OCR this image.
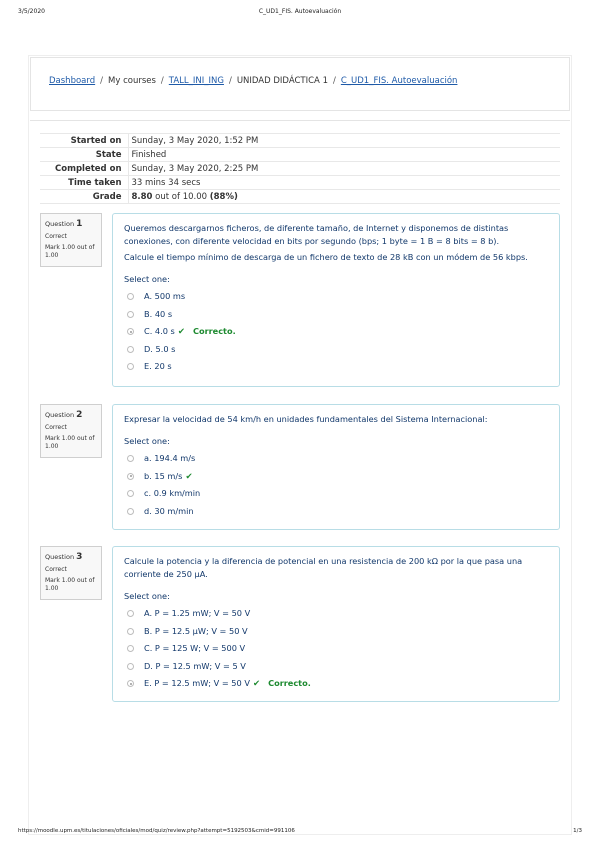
3/5/2020	C_UD1_FIS. Autoevaluación
Dashboard / My courses / TALL_INI_ING / UNIDAD DIDÁCTICA 1 / C_UD1_FIS. Autoevaluación
Started on	Sunday, 3 May 2020, 1:52 PM
State	Finished
Completed on	Sunday, 3 May 2020, 2:25 PM
Time taken	33 mins 34 secs
Grade	8.80 out of 10.00 (88%)
Question 1
Correct
Mark 1.00 out of 1.00
Queremos descargarnos ficheros, de diferente tamaño, de Internet y disponemos de distintas conexiones, con diferente velocidad en bits por segundo (bps; 1 byte = 1 B = 8 bits = 8 b).
Calcule el tiempo mínimo de descarga de un fichero de texto de 28 kB con un módem de 56 kbps.
Select one:
A. 500 ms
B. 40 s
C. 4.0 s ✔ Correcto.
D. 5.0 s
E. 20 s
Question 2
Correct
Mark 1.00 out of 1.00
Expresar la velocidad de 54 km/h en unidades fundamentales del Sistema Internacional:
Select one:
a. 194.4 m/s
b. 15 m/s ✔
c. 0.9 km/min
d. 30 m/min
Question 3
Correct
Mark 1.00 out of 1.00
Calcule la potencia y la diferencia de potencial en una resistencia de 200 kΩ por la que pasa una corriente de 250 μA.
Select one:
A. P = 1.25 mW; V = 50 V
B. P = 12.5 μW; V = 50 V
C. P = 125 W; V = 500 V
D. P = 12.5 mW; V = 5 V
E. P = 12.5 mW; V = 50 V ✔ Correcto.
https://moodle.upm.es/titulaciones/oficiales/mod/quiz/review.php?attempt=5192503&cmid=991106	1/3
